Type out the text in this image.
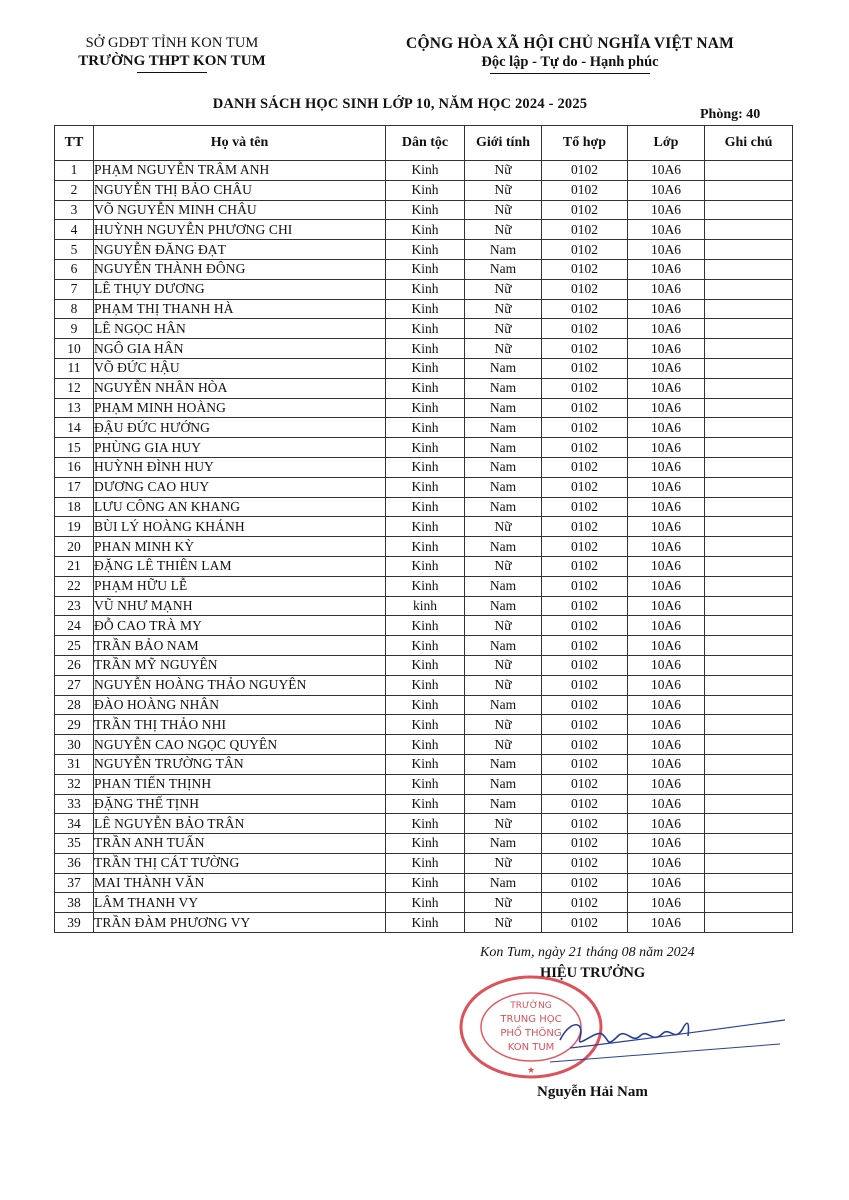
SỞ GDĐT TỈNH KON TUM
TRƯỜNG THPT KON TUM
CỘNG HÒA XÃ HỘI CHỦ NGHĨA VIỆT NAM
Độc lập - Tự do - Hạnh phúc
DANH SÁCH HỌC SINH LỚP 10, NĂM HỌC 2024 - 2025
Phòng: 40
TT	Họ và tên	Dân tộc	Giới tính	Tổ hợp	Lớp	Ghi chú
1	PHẠM NGUYỄN TRÂM ANH	Kinh	Nữ	0102	10A6	
2	NGUYỄN THỊ BẢO CHÂU	Kinh	Nữ	0102	10A6	
3	VÕ NGUYỄN MINH CHÂU	Kinh	Nữ	0102	10A6	
4	HUỲNH NGUYỄN PHƯƠNG CHI	Kinh	Nữ	0102	10A6	
5	NGUYỄN ĐĂNG ĐẠT	Kinh	Nam	0102	10A6	
6	NGUYỄN THÀNH ĐÔNG	Kinh	Nam	0102	10A6	
7	LÊ THỤY DƯƠNG	Kinh	Nữ	0102	10A6	
8	PHẠM THỊ THANH HÀ	Kinh	Nữ	0102	10A6	
9	LÊ NGỌC HÂN	Kinh	Nữ	0102	10A6	
10	NGÔ GIA HÂN	Kinh	Nữ	0102	10A6	
11	VÕ ĐỨC HẬU	Kinh	Nam	0102	10A6	
12	NGUYỄN NHÂN HÒA	Kinh	Nam	0102	10A6	
13	PHẠM MINH HOÀNG	Kinh	Nam	0102	10A6	
14	ĐẬU ĐỨC HƯỚNG	Kinh	Nam	0102	10A6	
15	PHÙNG GIA HUY	Kinh	Nam	0102	10A6	
16	HUỲNH ĐÌNH HUY	Kinh	Nam	0102	10A6	
17	DƯƠNG CAO HUY	Kinh	Nam	0102	10A6	
18	LƯU CÔNG AN KHANG	Kinh	Nam	0102	10A6	
19	BÙI LÝ HOÀNG KHÁNH	Kinh	Nữ	0102	10A6	
20	PHAN MINH KỲ	Kinh	Nam	0102	10A6	
21	ĐẶNG LÊ THIÊN LAM	Kinh	Nữ	0102	10A6	
22	PHẠM HỮU LỄ	Kinh	Nam	0102	10A6	
23	VŨ NHƯ MẠNH	kinh	Nam	0102	10A6	
24	ĐỖ CAO TRÀ MY	Kinh	Nữ	0102	10A6	
25	TRẦN BẢO NAM	Kinh	Nam	0102	10A6	
26	TRẦN MỸ NGUYÊN	Kinh	Nữ	0102	10A6	
27	NGUYỄN HOÀNG THẢO NGUYÊN	Kinh	Nữ	0102	10A6	
28	ĐÀO HOÀNG NHÂN	Kinh	Nam	0102	10A6	
29	TRẦN THỊ THẢO NHI	Kinh	Nữ	0102	10A6	
30	NGUYỄN CAO NGỌC QUYÊN	Kinh	Nữ	0102	10A6	
31	NGUYỄN TRƯỜNG TÂN	Kinh	Nam	0102	10A6	
32	PHAN TIẾN THỊNH	Kinh	Nam	0102	10A6	
33	ĐẶNG THẾ TỊNH	Kinh	Nam	0102	10A6	
34	LÊ NGUYỄN BẢO TRÂN	Kinh	Nữ	0102	10A6	
35	TRẦN ANH TUẤN	Kinh	Nam	0102	10A6	
36	TRẦN THỊ CÁT TƯỜNG	Kinh	Nữ	0102	10A6	
37	MAI THÀNH VĂN	Kinh	Nam	0102	10A6	
38	LÂM THANH VY	Kinh	Nữ	0102	10A6	
39	TRẦN ĐÀM PHƯƠNG VY	Kinh	Nữ	0102	10A6	
Kon Tum, ngày 21 tháng 08 năm 2024
HIỆU TRƯỞNG
TRƯỜNG
TRUNG HỌC
PHỔ THÔNG
KON TUM
★
Nguyễn Hải Nam
